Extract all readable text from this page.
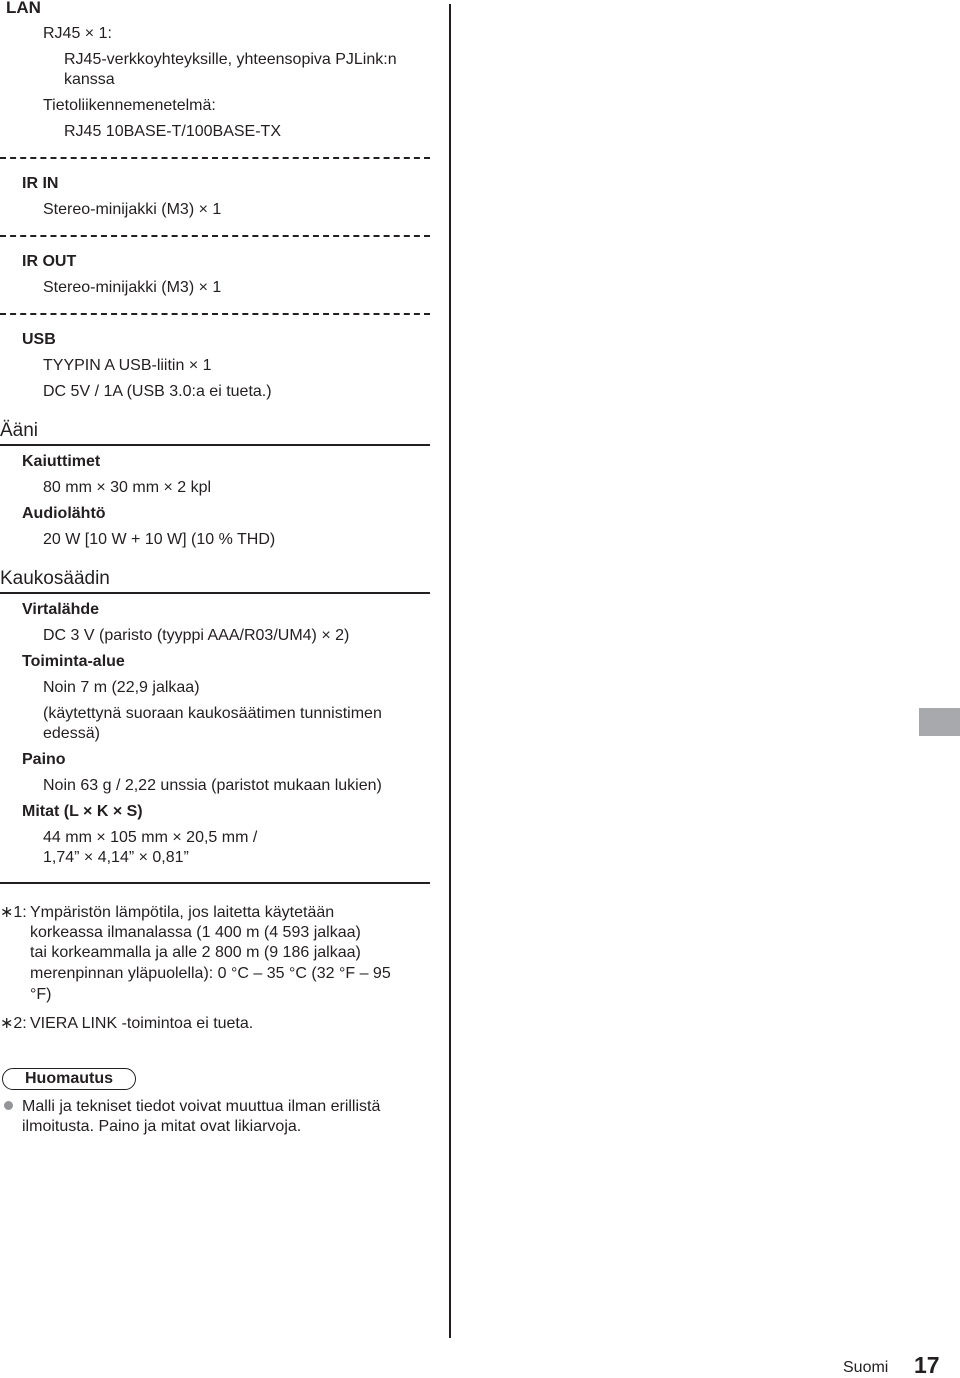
LAN
RJ45 × 1:
RJ45-verkkoyhteyksille, yhteensopiva PJLink:n
kanssa
Tietoliikennemenetelmä:
RJ45 10BASE-T/100BASE-TX
IR IN
Stereo-minijakki (M3) × 1
IR OUT
Stereo-minijakki (M3) × 1
USB
TYYPIN A USB-liitin × 1
DC 5V / 1A (USB 3.0:a ei tueta.)
Ääni
Kaiuttimet
80 mm × 30 mm × 2 kpl
Audiolähtö
20 W [10 W + 10 W] (10 % THD)
Kaukosäädin
Virtalähde
DC 3 V (paristo (tyyppi AAA/R03/UM4) × 2)
Toiminta-alue
Noin 7 m (22,9 jalkaa)
(käytettynä suoraan kaukosäätimen tunnistimen
edessä)
Paino
Noin 63 g / 2,22 unssia (paristot mukaan lukien)
Mitat (L × K × S)
44 mm × 105 mm × 20,5 mm /
1,74” × 4,14” × 0,81”
∗1: Ympäristön lämpötila, jos laitetta käytetään
korkeassa ilmanalassa (1 400 m (4 593 jalkaa)
tai korkeammalla ja alle 2 800 m (9 186 jalkaa)
merenpinnan yläpuolella): 0 °C – 35 °C (32 °F – 95
°F)
∗2: VIERA LINK -toimintoa ei tueta.
Huomautus
Malli ja tekniset tiedot voivat muuttua ilman erillistä
ilmoitusta. Paino ja mitat ovat likiarvoja.
Suomi 17
